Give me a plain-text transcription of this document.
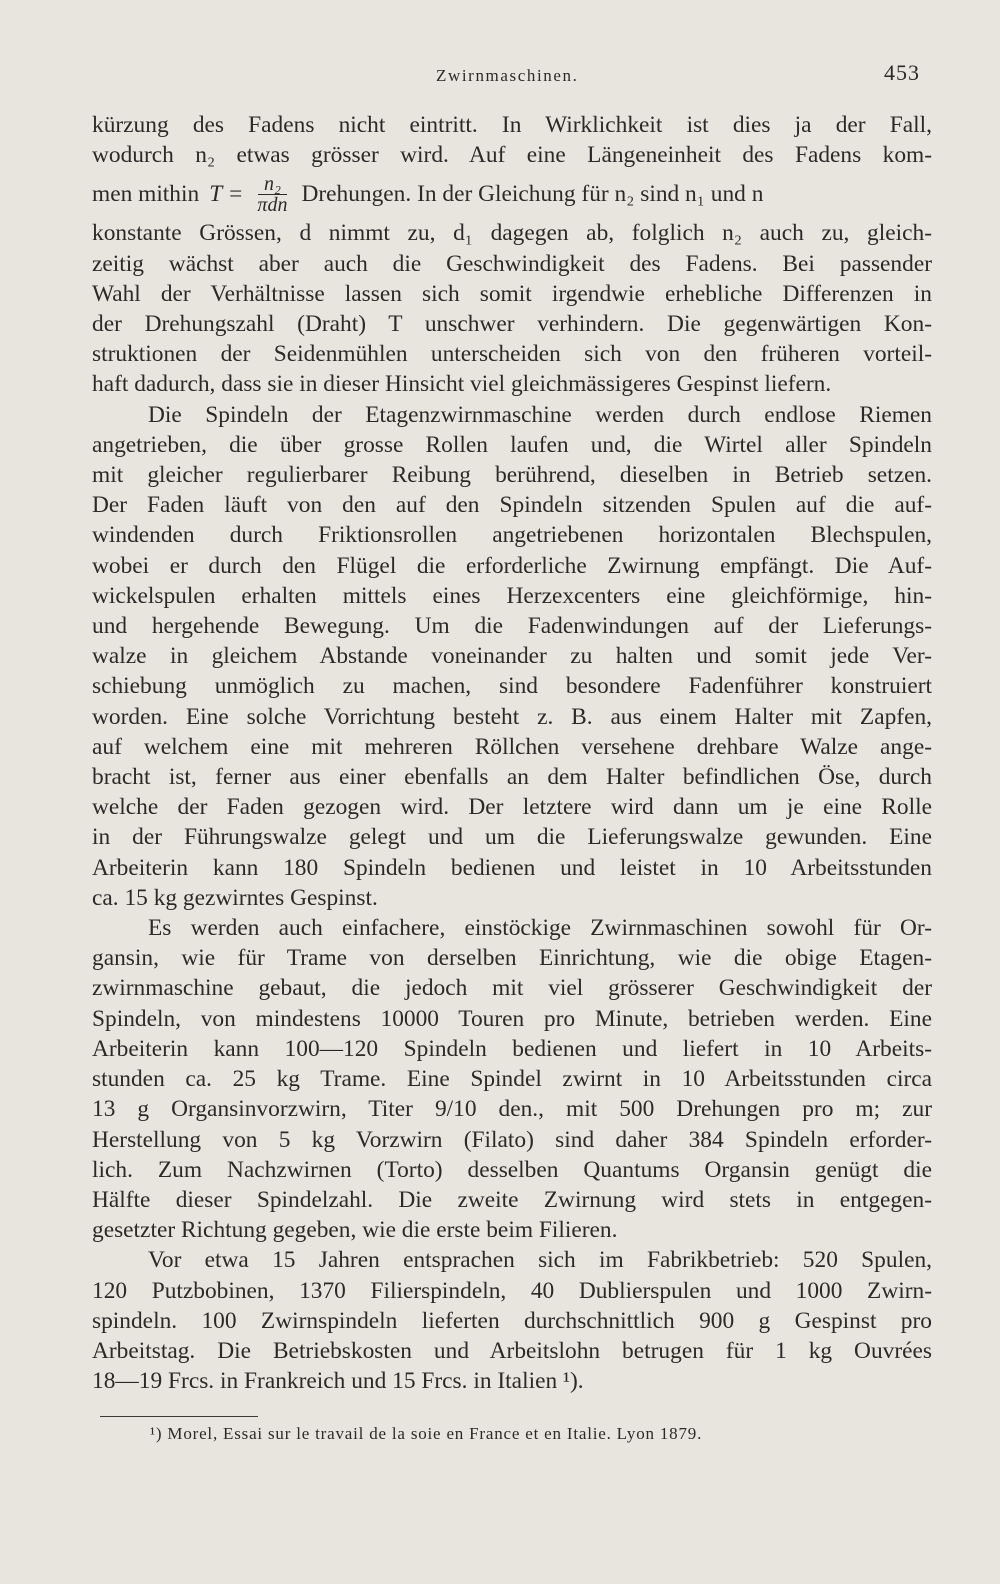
Zwirnmaschinen.	453

kürzung des Fadens nicht eintritt. In Wirklichkeit ist dies ja der Fall,
wodurch n₂ etwas grösser wird. Auf eine Längeneinheit des Fadens kom-
men mithin $T = \frac{\text{n₂}}{\text{πdn}}$ Drehungen. In der Gleichung für n₂ sind n₁ und n
konstante Grössen, d nimmt zu, d₁ dagegen ab, folglich n₂ auch zu, gleich-
zeitig wächst aber auch die Geschwindigkeit des Fadens. Bei passender
Wahl der Verhältnisse lassen sich somit irgendwie erhebliche Differenzen in
der Drehungszahl (Draht) T unschwer verhindern. Die gegenwärtigen Kon-
struktionen der Seidenmühlen unterscheiden sich von den früheren vorteil-
haft dadurch, dass sie in dieser Hinsicht viel gleichmässigeres Gespinst liefern.

Die Spindeln der Etagenzwirnmaschine werden durch endlose Riemen
angetrieben, die über grosse Rollen laufen und, die Wirtel aller Spindeln
mit gleicher regulierbarer Reibung berührend, dieselben in Betrieb setzen.
Der Faden läuft von den auf den Spindeln sitzenden Spulen auf die auf-
windenden durch Friktionsrollen angetriebenen horizontalen Blechspulen,
wobei er durch den Flügel die erforderliche Zwirnung empfängt. Die Auf-
wickelspulen erhalten mittels eines Herzexcenters eine gleichförmige, hin-
und hergehende Bewegung. Um die Fadenwindungen auf der Lieferungs-
walze in gleichem Abstande voneinander zu halten und somit jede Ver-
schiebung unmöglich zu machen, sind besondere Fadenführer konstruiert
worden. Eine solche Vorrichtung besteht z. B. aus einem Halter mit Zapfen,
auf welchem eine mit mehreren Röllchen versehene drehbare Walze ange-
bracht ist, ferner aus einer ebenfalls an dem Halter befindlichen Öse, durch
welche der Faden gezogen wird. Der letztere wird dann um je eine Rolle
in der Führungswalze gelegt und um die Lieferungswalze gewunden. Eine
Arbeiterin kann 180 Spindeln bedienen und leistet in 10 Arbeitsstunden
ca. 15 kg gezwirntes Gespinst.

Es werden auch einfachere, einstöckige Zwirnmaschinen sowohl für Or-
gansin, wie für Trame von derselben Einrichtung, wie die obige Etagen-
zwirnmaschine gebaut, die jedoch mit viel grösserer Geschwindigkeit der
Spindeln, von mindestens 10000 Touren pro Minute, betrieben werden. Eine
Arbeiterin kann 100—120 Spindeln bedienen und liefert in 10 Arbeits-
stunden ca. 25 kg Trame. Eine Spindel zwirnt in 10 Arbeitsstunden circa
13 g Organsinvorzwirn, Titer 9/10 den., mit 500 Drehungen pro m; zur
Herstellung von 5 kg Vorzwirn (Filato) sind daher 384 Spindeln erforder-
lich. Zum Nachzwirnen (Torto) desselben Quantums Organsin genügt die
Hälfte dieser Spindelzahl. Die zweite Zwirnung wird stets in entgegen-
gesetzter Richtung gegeben, wie die erste beim Filieren.

Vor etwa 15 Jahren entsprachen sich im Fabrikbetrieb: 520 Spulen,
120 Putzbobinen, 1370 Filierspindeln, 40 Dublierspulen und 1000 Zwirn-
spindeln. 100 Zwirnspindeln lieferten durchschnittlich 900 g Gespinst pro
Arbeitstag. Die Betriebskosten und Arbeitslohn betrugen für 1 kg Ouvrées
18—19 Frcs. in Frankreich und 15 Frcs. in Italien ¹).

¹) Morel, Essai sur le travail de la soie en France et en Italie. Lyon 1879.
